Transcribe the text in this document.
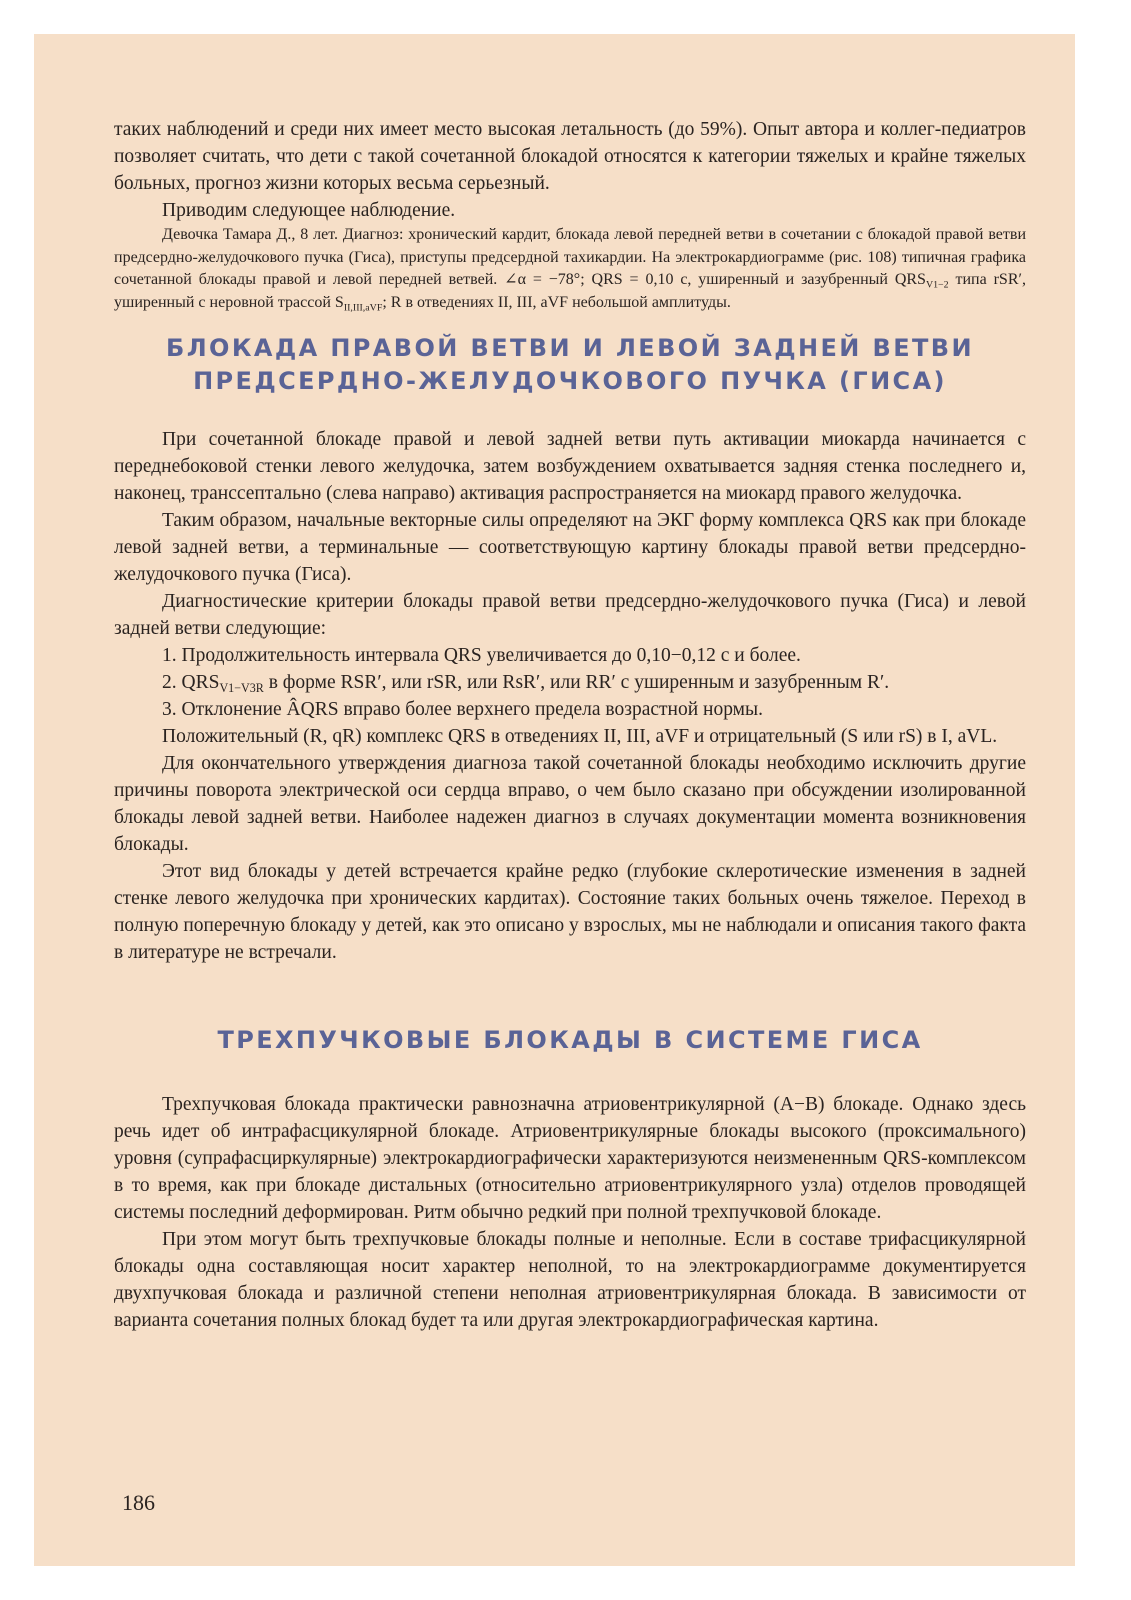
таких наблюдений и среди них имеет место высокая летальность (до 59%). Опыт автора и коллег-педиатров позволяет считать, что дети с такой сочетанной блокадой относятся к категории тяжелых и крайне тяжелых больных, прогноз жизни которых весьма серьезный.

Приводим следующее наблюдение.

Девочка Тамара Д., 8 лет. Диагноз: хронический кардит, блокада левой передней ветви в сочетании с блокадой правой ветви предсердно-желудочкового пучка (Гиса), приступы предсердной тахикардии. На электрокардиограмме (рис. 108) типичная графика сочетанной блокады правой и левой передней ветвей. ∠α = −78°; QRS = 0,10 с, уширенный и зазубренный $QRS_{V1-2}$ типа rSR′, уширенный с неровной трассой $S_{II,III,aVF}$; R в отведениях II, III, aVF небольшой амплитуды.

БЛОКАДА ПРАВОЙ ВЕТВИ И ЛЕВОЙ ЗАДНЕЙ ВЕТВИ
ПРЕДСЕРДНО-ЖЕЛУДОЧКОВОГО ПУЧКА (ГИСА)

При сочетанной блокаде правой и левой задней ветви путь активации миокарда начинается с переднебоковой стенки левого желудочка, затем возбуждением охватывается задняя стенка последнего и, наконец, транссептально (слева направо) активация распространяется на миокард правого желудочка.

Таким образом, начальные векторные силы определяют на ЭКГ форму комплекса QRS как при блокаде левой задней ветви, а терминальные — соответствующую картину блокады правой ветви предсердно-желудочкового пучка (Гиса).

Диагностические критерии блокады правой ветви предсердно-желудочкового пучка (Гиса) и левой задней ветви следующие:

1. Продолжительность интервала QRS увеличивается до 0,10−0,12 с и более.

2. $QRS_{V1-V3R}$ в форме RSR′, или rSR, или RsR′, или RR′ с уширенным и зазубренным R′.

3. Отклонение ÂQRS вправо более верхнего предела возрастной нормы.

Положительный (R, qR) комплекс QRS в отведениях II, III, aVF и отрицательный (S или rS) в I, aVL.

Для окончательного утверждения диагноза такой сочетанной блокады необходимо исключить другие причины поворота электрической оси сердца вправо, о чем было сказано при обсуждении изолированной блокады левой задней ветви. Наиболее надежен диагноз в случаях документации момента возникновения блокады.

Этот вид блокады у детей встречается крайне редко (глубокие склеротические изменения в задней стенке левого желудочка при хронических кардитах). Состояние таких больных очень тяжелое. Переход в полную поперечную блокаду у детей, как это описано у взрослых, мы не наблюдали и описания такого факта в литературе не встречали.

ТРЕХПУЧКОВЫЕ БЛОКАДЫ В СИСТЕМЕ ГИСА

Трехпучковая блокада практически равнозначна атриовентрикулярной (А−В) блокаде. Однако здесь речь идет об интрафасцикулярной блокаде. Атриовентрикулярные блокады высокого (проксимального) уровня (супрафасциркулярные) электрокардиографически характеризуются неизмененным QRS-комплексом в то время, как при блокаде дистальных (относительно атриовентрикулярного узла) отделов проводящей системы последний деформирован. Ритм обычно редкий при полной трехпучковой блокаде.

При этом могут быть трехпучковые блокады полные и неполные. Если в составе трифасцикулярной блокады одна составляющая носит характер неполной, то на электрокардиограмме документируется двухпучковая блокада и различной степени неполная атриовентрикулярная блокада. В зависимости от варианта сочетания полных блокад будет та или другая электрокардиографическая картина.

186
